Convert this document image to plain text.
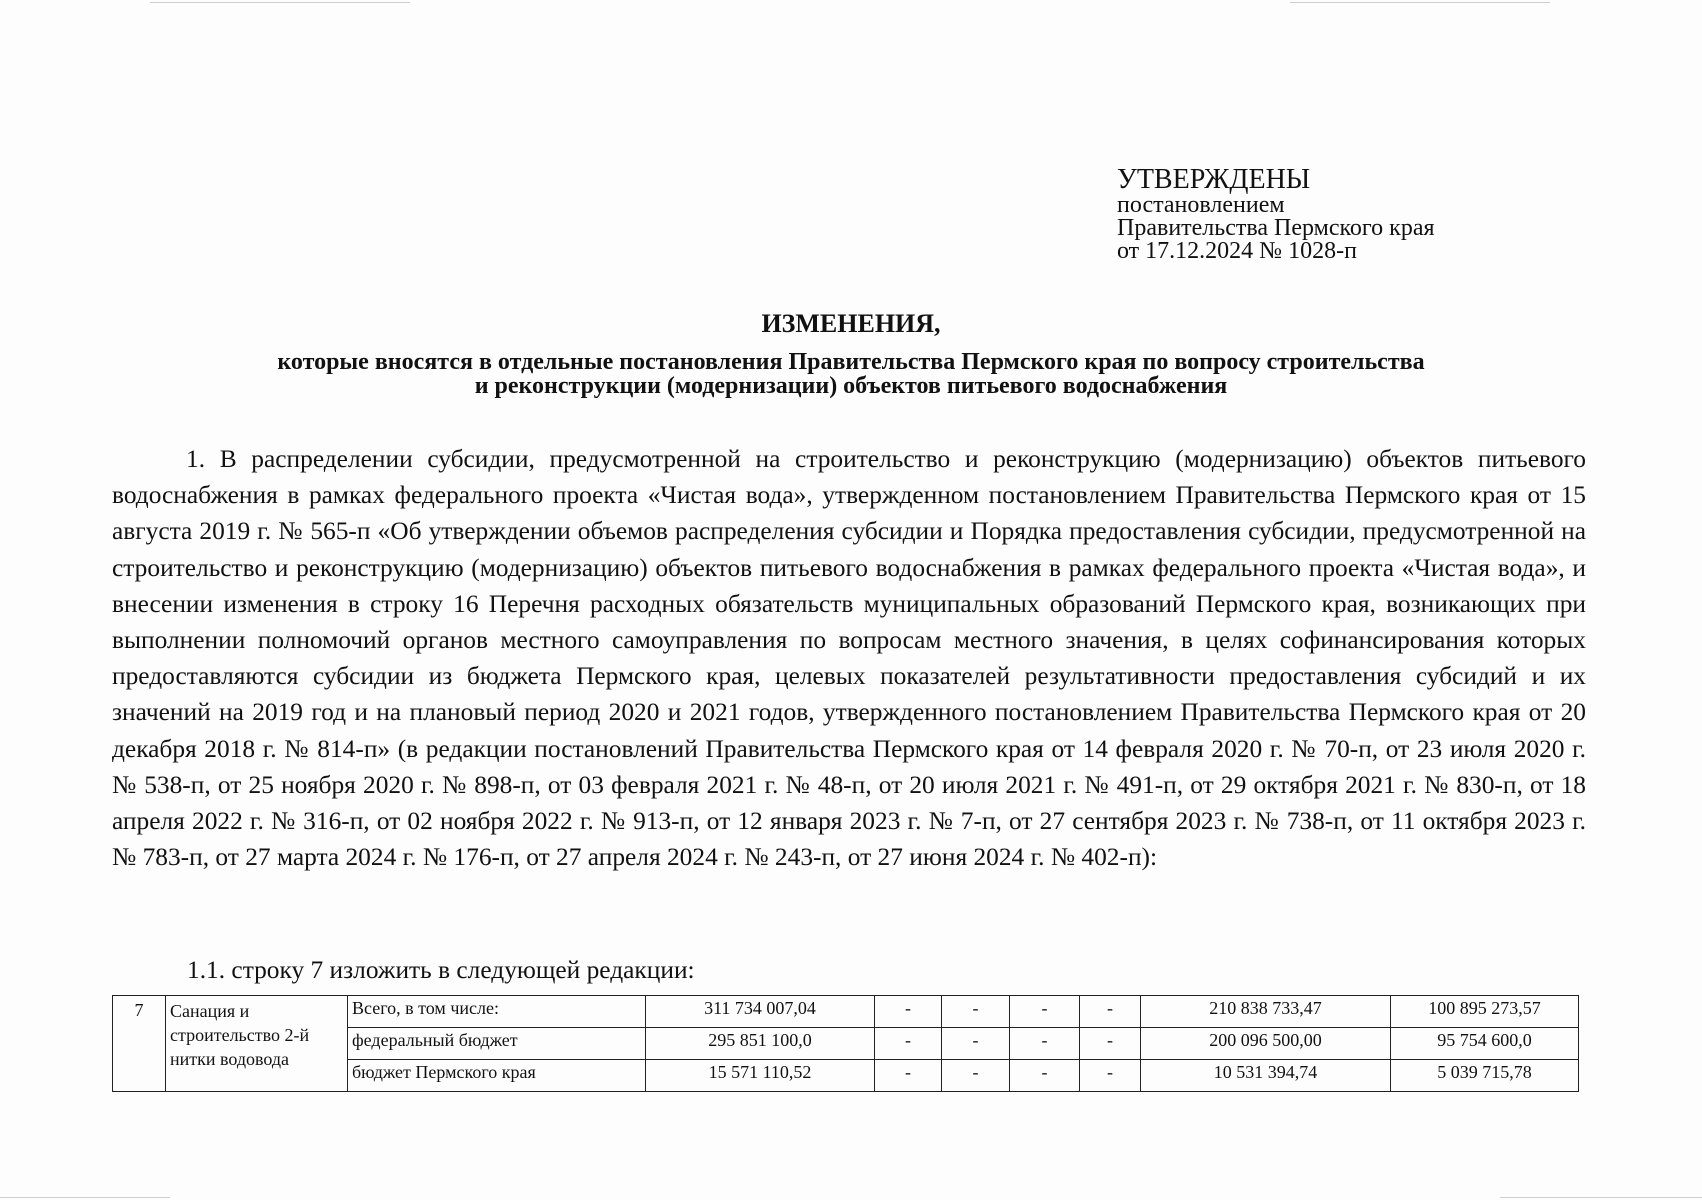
УТВЕРЖДЕНЫ
постановлением
Правительства Пермского края
от 17.12.2024 № 1028-п
ИЗМЕНЕНИЯ,
которые вносятся в отдельные постановления Правительства Пермского края по вопросу строительства
и реконструкции (модернизации) объектов питьевого водоснабжения

1. В распределении субсидии, предусмотренной на строительство и реконструкцию (модернизацию) объектов питьевого водоснабжения в рамках федерального проекта «Чистая вода», утвержденном постановлением Правительства Пермского края от 15 августа 2019 г. № 565-п «Об утверждении объемов распределения субсидии и Порядка предоставления субсидии, предусмотренной на строительство и реконструкцию (модернизацию) объектов питьевого водоснабжения в рамках федерального проекта «Чистая вода», и внесении изменения в строку 16 Перечня расходных обязательств муниципальных образований Пермского края, возникающих при выполнении полномочий органов местного самоуправления по вопросам местного значения, в целях софинансирования которых предоставляются субсидии из бюджета Пермского края, целевых показателей результативности предоставления субсидий и их значений на 2019 год и на плановый период 2020 и 2021 годов, утвержденного постановлением Правительства Пермского края от 20 декабря 2018 г. № 814-п» (в редакции постановлений Правительства Пермского края от 14 февраля 2020 г. № 70-п, от 23 июля 2020 г. № 538-п, от 25 ноября 2020 г. № 898-п, от 03 февраля 2021 г. № 48-п, от 20 июля 2021 г. № 491-п, от 29 октября 2021 г. № 830-п, от 18 апреля 2022 г. № 316-п, от 02 ноября 2022 г. № 913-п, от 12 января 2023 г. № 7-п, от 27 сентября 2023 г. № 738-п, от 11 октября 2023 г. № 783-п, от 27 марта 2024 г. № 176-п, от 27 апреля 2024 г. № 243-п, от 27 июня 2024 г. № 402-п):

1.1. строку 7 изложить в следующей редакции:
7	Санация и строительство 2-й нитки водовода	Всего, в том числе:	311 734 007,04	-	-	-	-	210 838 733,47	100 895 273,57
		федеральный бюджет	295 851 100,0	-	-	-	-	200 096 500,00	95 754 600,0
		бюджет Пермского края	15 571 110,52	-	-	-	-	10 531 394,74	5 039 715,78
